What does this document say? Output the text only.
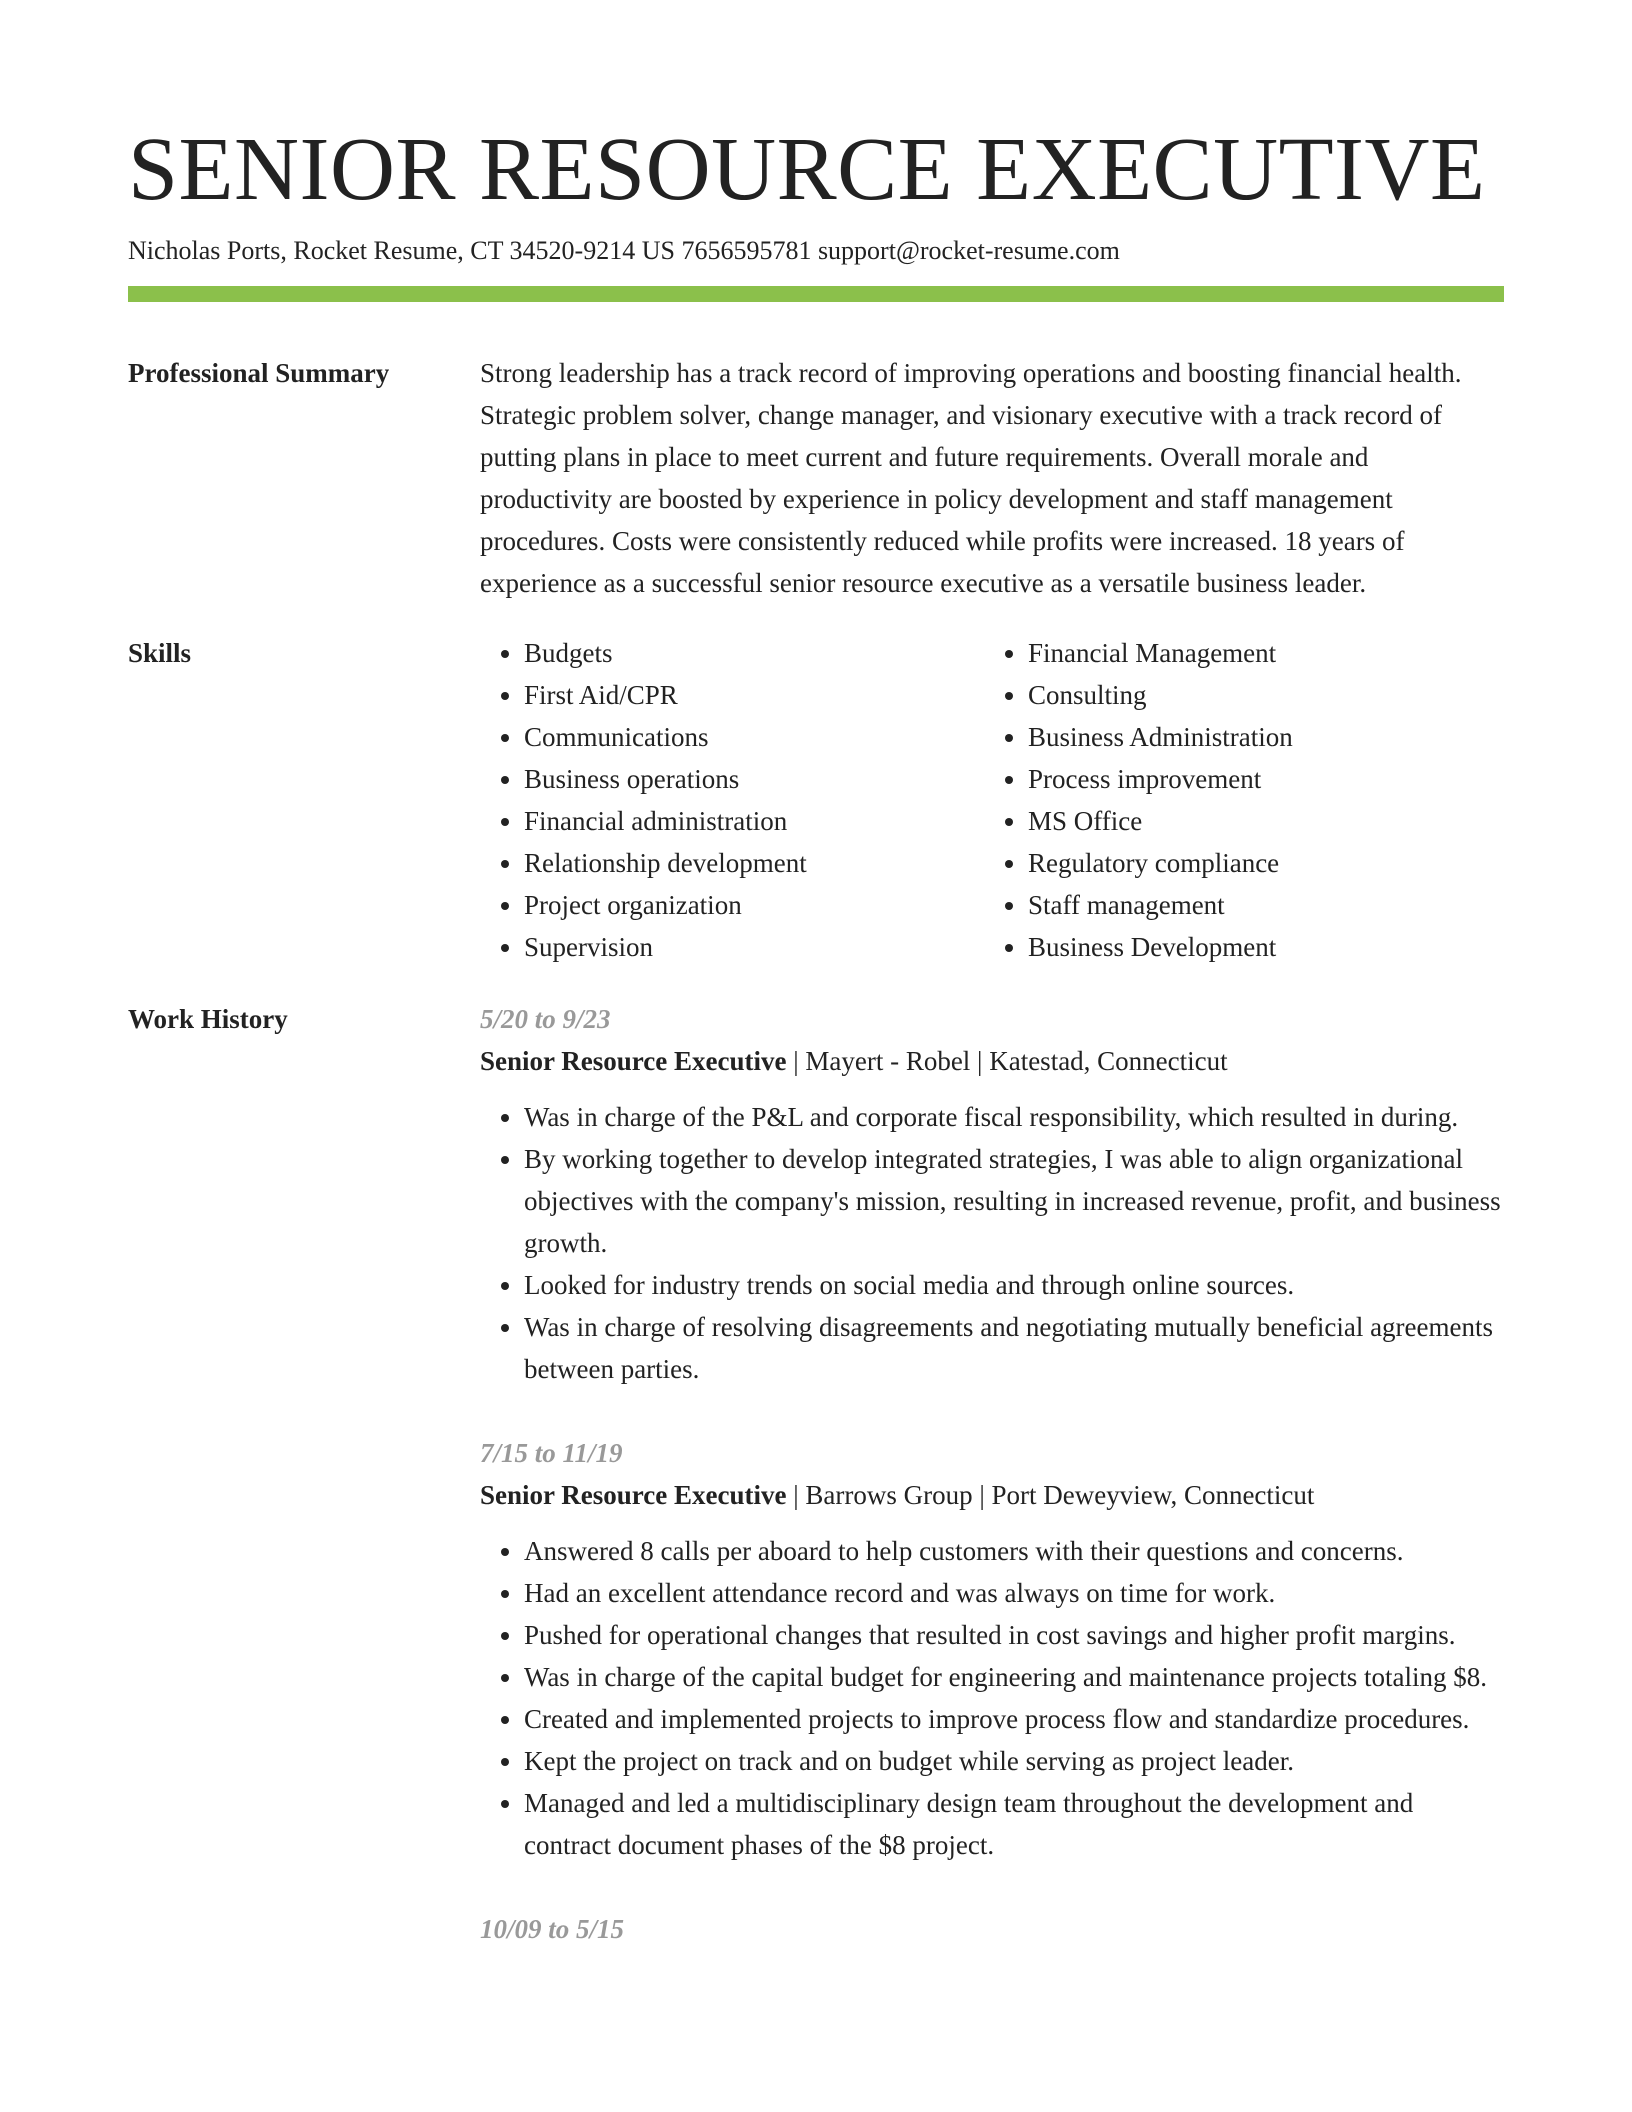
SENIOR RESOURCE EXECUTIVE
Nicholas Ports, Rocket Resume, CT 34520-9214 US 7656595781 support@rocket-resume.com
Professional Summary	Strong leadership has a track record of improving operations and boosting financial health. Strategic problem solver, change manager, and visionary executive with a track record of putting plans in place to meet current and future requirements. Overall morale and productivity are boosted by experience in policy development and staff management procedures. Costs were consistently reduced while profits were increased. 18 years of experience as a successful senior resource executive as a versatile business leader.

Skills
•	Budgets
• First Aid/CPR
• Communications
• Business operations
• Financial administration
• Relationship development
• Project organization
• Supervision
• Financial Management
• Consulting
• Business Administration
• Process improvement
• MS Office
• Regulatory compliance
• Staff management
• Business Development
Work History	5/20 to 9/23
Senior Resource Executive | Mayert - Robel | Katestad, Connecticut
• Was in charge of the P&L and corporate fiscal responsibility, which resulted in during.
• By working together to develop integrated strategies, I was able to align organizational objectives with the company's mission, resulting in increased revenue, profit, and business growth.
• Looked for industry trends on social media and through online sources.
• Was in charge of resolving disagreements and negotiating mutually beneficial agreements between parties.
7/15 to 11/19
Senior Resource Executive | Barrows Group | Port Deweyview, Connecticut
• Answered 8 calls per aboard to help customers with their questions and concerns.
• Had an excellent attendance record and was always on time for work.
• Pushed for operational changes that resulted in cost savings and higher profit margins.
• Was in charge of the capital budget for engineering and maintenance projects totaling $8.
• Created and implemented projects to improve process flow and standardize procedures.
• Kept the project on track and on budget while serving as project leader.
• Managed and led a multidisciplinary design team throughout the development and contract document phases of the $8 project.
10/09 to 5/15
